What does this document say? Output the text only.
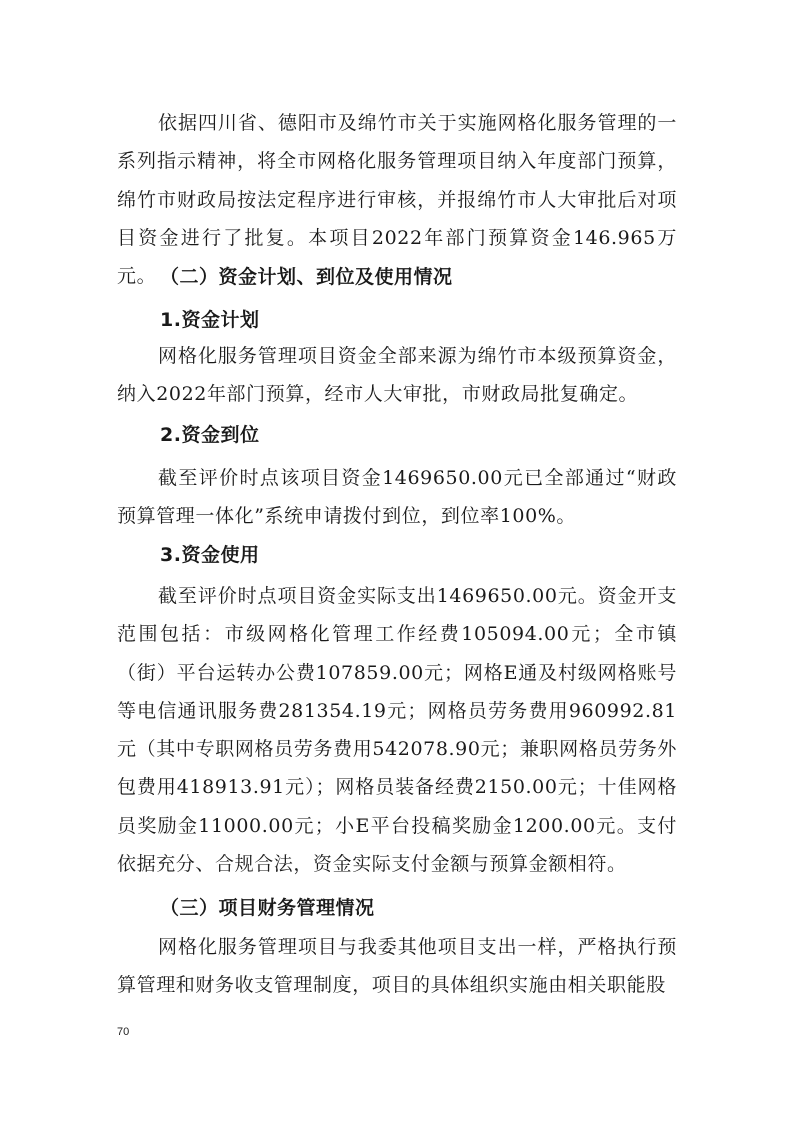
依据四川省、德阳市及绵竹市关于实施网格化服务管理的一系列指示精神，将全市网格化服务管理项目纳入年度部门预算，绵竹市财政局按法定程序进行审核，并报绵竹市人大审批后对项目资金进行了批复。本项目2022年部门预算资金146.965万元。 （二）资金计划、到位及使用情况
1.资金计划

网格化服务管理项目资金全部来源为绵竹市本级预算资金，纳入2022年部门预算，经市人大审批，市财政局批复确定。

2.资金到位

截至评价时点该项目资金1469650.00元已全部通过“财政预算管理一体化”系统申请拨付到位，到位率100%。

3.资金使用

截至评价时点项目资金实际支出1469650.00元。资金开支范围包括：市级网格化管理工作经费105094.00元；全市镇（街）平台运转办公费107859.00元；网格E通及村级网格账号等电信通讯服务费281354.19元；网格员劳务费用960992.81元（其中专职网格员劳务费用542078.90元；兼职网格员劳务外包费用418913.91元）；网格员装备经费2150.00元；十佳网格员奖励金11000.00元；小E平台投稿奖励金1200.00元。支付依据充分、合规合法，资金实际支付金额与预算金额相符。

（三）项目财务管理情况

网格化服务管理项目与我委其他项目支出一样，严格执行预算管理和财务收支管理制度，项目的具体组织实施由相关职能股

70
